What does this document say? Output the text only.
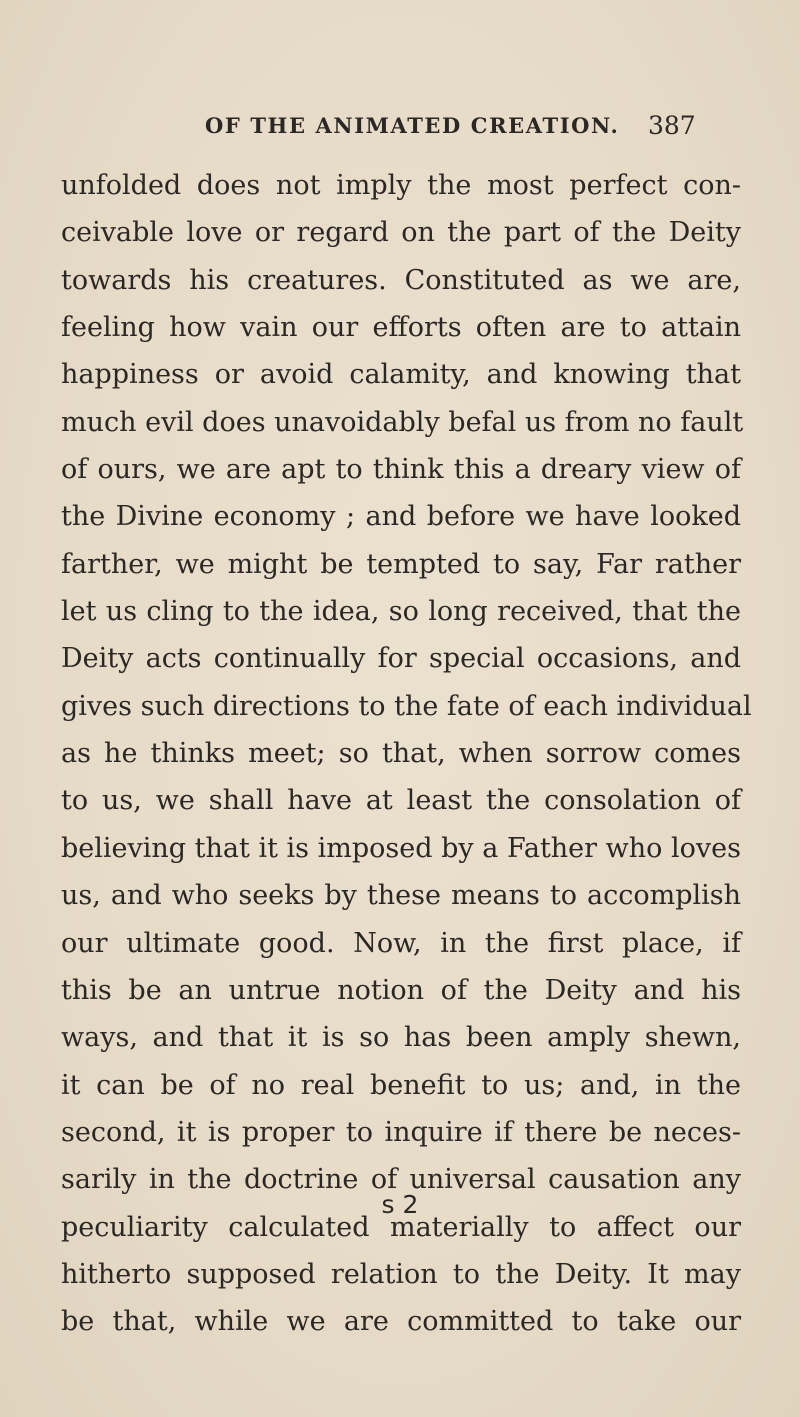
OF THE ANIMATED CREATION. 387
unfolded does not imply the most perfect con-
ceivable love or regard on the part of the Deity
towards his creatures. Constituted as we are,
feeling how vain our efforts often are to attain
happiness or avoid calamity, and knowing that
much evil does unavoidably befal us from no fault
of ours, we are apt to think this a dreary view of
the Divine economy ; and before we have looked
farther, we might be tempted to say, Far rather
let us cling to the idea, so long received, that the
Deity acts continually for special occasions, and
gives such directions to the fate of each individual
as he thinks meet; so that, when sorrow comes
to us, we shall have at least the consolation of
believing that it is imposed by a Father who loves
us, and who seeks by these means to accomplish
our ultimate good. Now, in the first place, if
this be an untrue notion of the Deity and his
ways, and that it is so has been amply shewn,
it can be of no real benefit to us; and, in the
second, it is proper to inquire if there be neces-
sarily in the doctrine of universal causation any
peculiarity calculated materially to affect our
hitherto supposed relation to the Deity. It may
be that, while we are committed to take our
s 2
